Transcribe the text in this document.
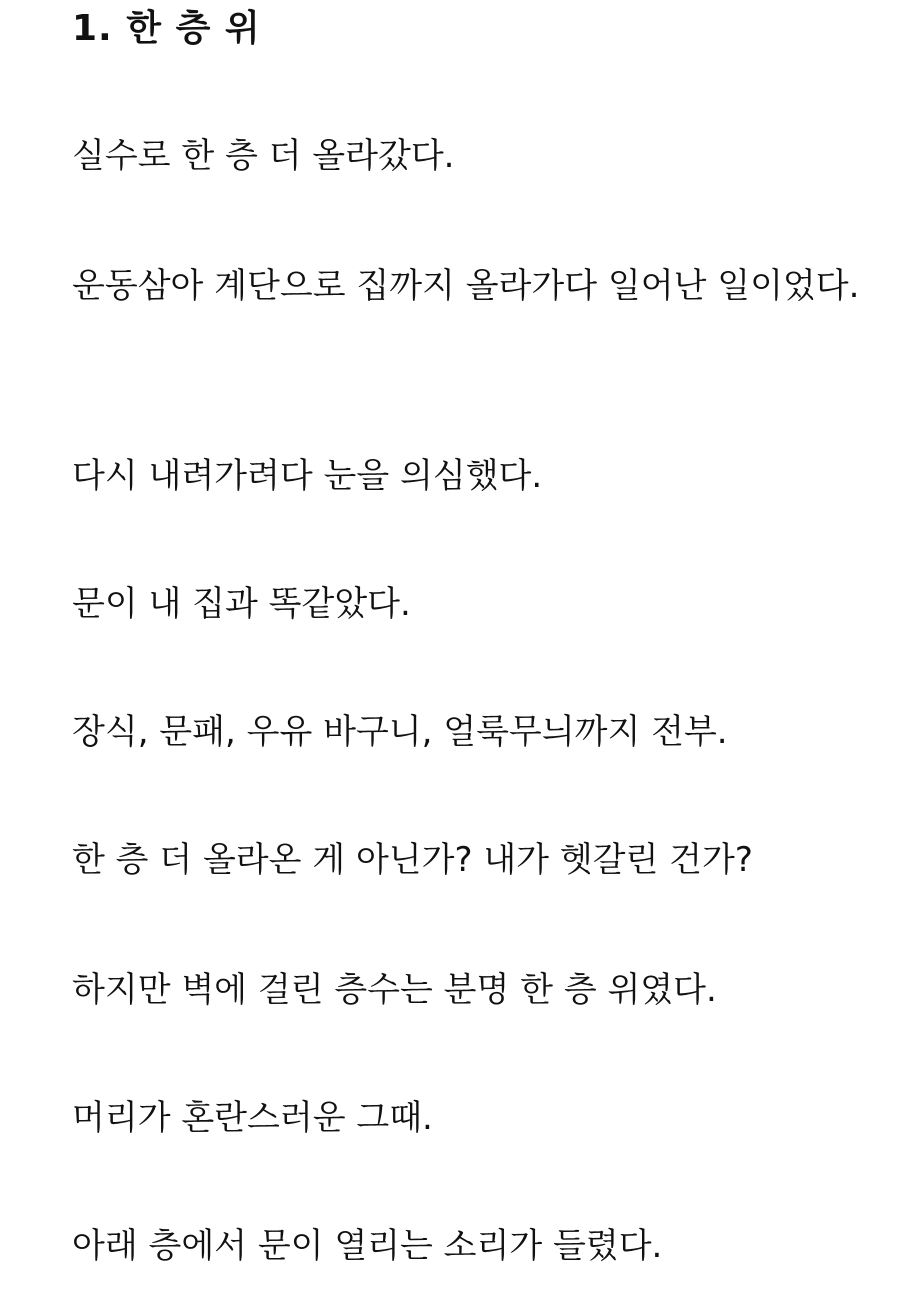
1. 한 층 위

실수로 한 층 더 올라갔다.

운동삼아 계단으로 집까지 올라가다 일어난 일이었다.

다시 내려가려다 눈을 의심했다.

문이 내 집과 똑같았다.

장식, 문패, 우유 바구니, 얼룩무늬까지 전부.

한 층 더 올라온 게 아닌가? 내가 헷갈린 건가?

하지만 벽에 걸린 층수는 분명 한 층 위였다.

머리가 혼란스러운 그때.

아래 층에서 문이 열리는 소리가 들렸다.
